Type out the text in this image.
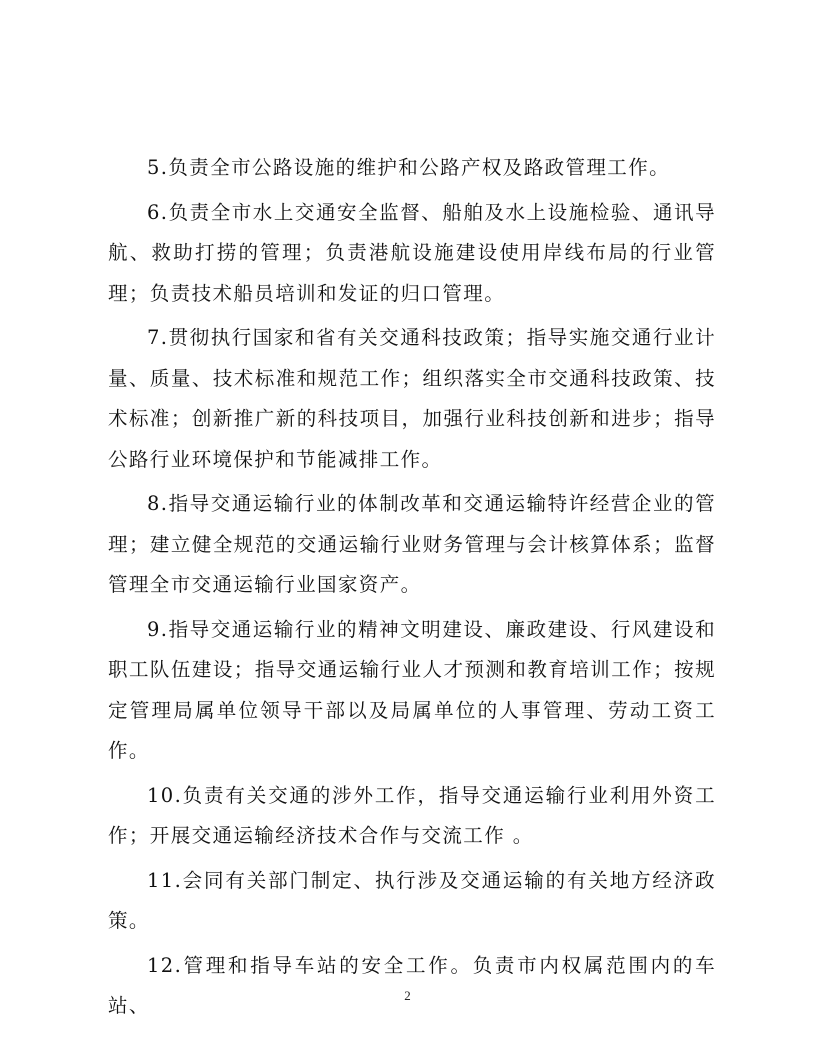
5.负责全市公路设施的维护和公路产权及路政管理工作。

6.负责全市水上交通安全监督、船舶及水上设施检验、通讯导航、救助打捞的管理；负责港航设施建设使用岸线布局的行业管理；负责技术船员培训和发证的归口管理。

7.贯彻执行国家和省有关交通科技政策；指导实施交通行业计量、质量、技术标准和规范工作；组织落实全市交通科技政策、技术标准；创新推广新的科技项目，加强行业科技创新和进步；指导公路行业环境保护和节能减排工作。

8.指导交通运输行业的体制改革和交通运输特许经营企业的管理；建立健全规范的交通运输行业财务管理与会计核算体系；监督管理全市交通运输行业国家资产。

9.指导交通运输行业的精神文明建设、廉政建设、行风建设和职工队伍建设；指导交通运输行业人才预测和教育培训工作；按规定管理局属单位领导干部以及局属单位的人事管理、劳动工资工作。

10.负责有关交通的涉外工作，指导交通运输行业利用外资工作；开展交通运输经济技术合作与交流工作 。

11.会同有关部门制定、执行涉及交通运输的有关地方经济政策。

12.管理和指导车站的安全工作。负责市内权属范围内的车站、	2
